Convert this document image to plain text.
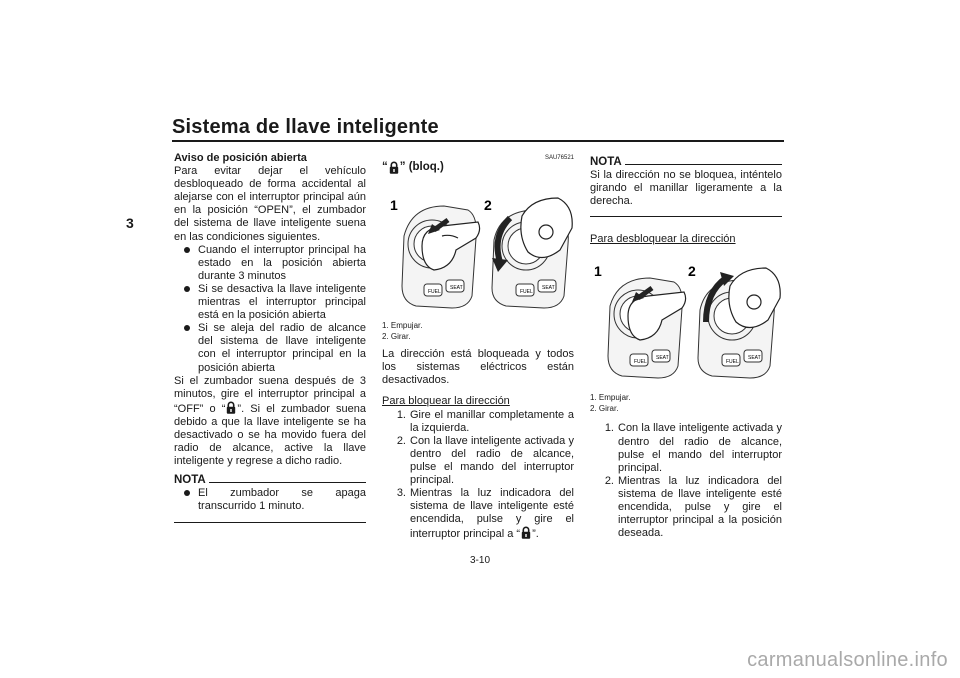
Sistema de llave inteligente
3

Aviso de posición abierta

Para evitar dejar el vehículo desbloqueado de forma accidental al alejarse con el interruptor principal aún en la posición “OPEN”, el zumbador del sistema de llave inteligente suena en las condiciones siguientes.

Cuando el interruptor principal ha estado en la posición abierta durante 3 minutos
Si se desactiva la llave inteligente mientras el interruptor principal está en la posición abierta
Si se aleja del radio de alcance del sistema de llave inteligente con el interruptor principal en la posición abierta

Si el zumbador suena después de 3 minutos, gire el interruptor principal a “OFF” o “ ”. Si el zumbador suena debido a que la llave inteligente se ha desactivado o se ha movido fuera del radio de alcance, active la llave inteligente y regrese a dicho radio.

NOTA
El zumbador se apaga transcurrido 1 minuto.
SAU76521
“ ” (bloq.)
1	2
FUEL
SEAT
FUEL
SEAT
1. Empujar.
2. Girar.

La dirección está bloqueada y todos los sistemas eléctricos están desactivados.

Para bloquear la dirección

1. Gire el manillar completamente a la izquierda.
2. Con la llave inteligente activada y dentro del radio de alcance, pulse el mando del interruptor principal.
3. Mientras la luz indicadora del sistema de llave inteligente esté encendida, pulse y gire el interruptor principal a “ ”.
NOTA

Si la dirección no se bloquea, inténtelo girando el manillar ligeramente a la derecha.

Para desbloquear la dirección

1	2
FUEL
SEAT
FUEL
SEAT
1. Empujar.
2. Girar.
1. Con la llave inteligente activada y dentro del radio de alcance, pulse el mando del interruptor principal.
2. Mientras la luz indicadora del sistema de llave inteligente esté encendida, pulse y gire el interruptor principal a la posición deseada.
3-10
carmanualsonline.info
